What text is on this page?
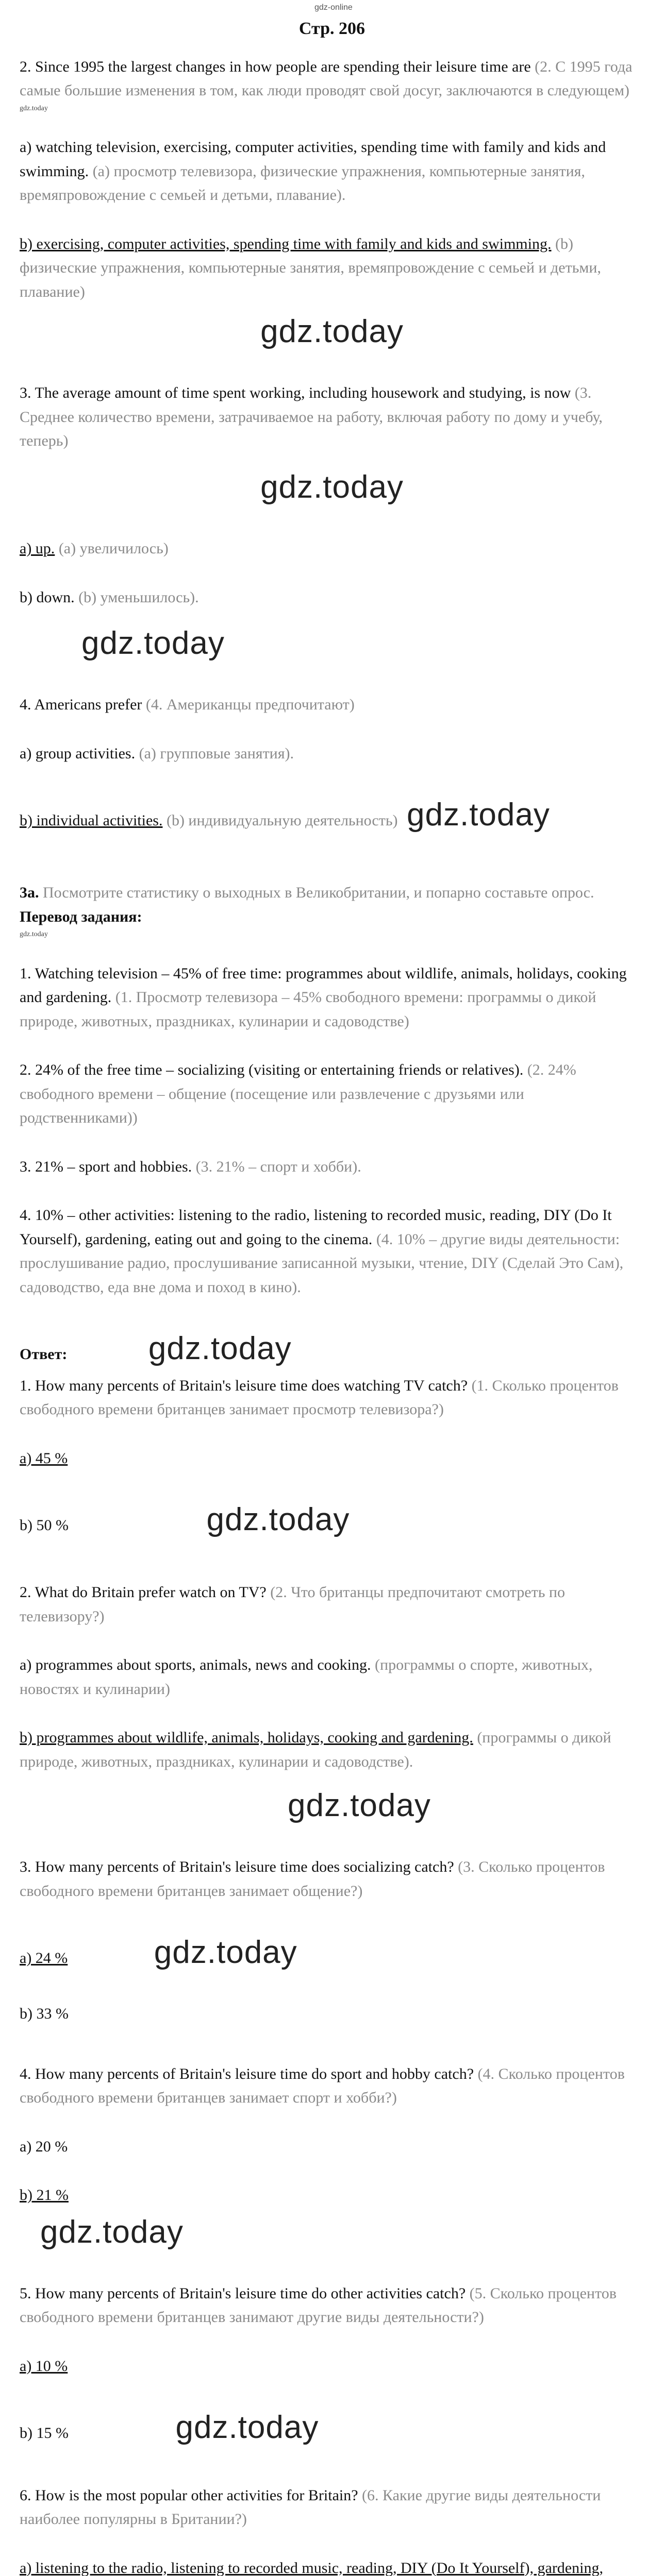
gdz-online
Стр. 206
2. Since 1995 the largest changes in how people are spending their leisure time are (2. С 1995 года самые большие изменения в том, как люди проводят свой досуг, заключаются в следующем)
gdz.today
a) watching television, exercising, computer activities, spending time with family and kids and swimming. (a) просмотр телевизора, физические упражнения, компьютерные занятия, времяпровождение с семьей и детьми, плавание).
b) exercising, computer activities, spending time with family and kids and swimming. (b) физические упражнения, компьютерные занятия, времяпровождение с семьей и детьми, плавание)
gdz.today
3. The average amount of time spent working, including housework and studying, is now (3. Среднее количество времени, затрачиваемое на работу, включая работу по дому и учебу, теперь)
gdz.today
a) up. (a) увеличилось)
b) down. (b) уменьшилось).
gdz.today
4. Americans prefer (4. Американцы предпочитают)
a) group activities. (a) групповые занятия).
b) individual activities. (b) индивидуальную деятельность) gdz.today
3a. Посмотрите статистику о выходных в Великобритании, и попарно составьте опрос.
Перевод задания:
gdz.today
1. Watching television – 45% of free time: programmes about wildlife, animals, holidays, cooking and gardening. (1. Просмотр телевизора – 45% свободного времени: программы о дикой природе, животных, праздниках, кулинарии и садоводстве)
2. 24% of the free time – socializing (visiting or entertaining friends or relatives). (2. 24% свободного времени – общение (посещение или развлечение с друзьями или родственниками))
3. 21% – sport and hobbies. (3. 21% – спорт и хобби).
4. 10% – other activities: listening to the radio, listening to recorded music, reading, DIY (Do It Yourself), gardening, eating out and going to the cinema. (4. 10% – другие виды деятельности: прослушивание радио, прослушивание записанной музыки, чтение, DIY (Сделай Это Сам), садоводство, еда вне дома и поход в кино).
Ответ:	gdz.today
1. How many percents of Britain's leisure time does watching TV catch? (1. Сколько процентов свободного времени британцев занимает просмотр телевизора?)
a) 45 %
b) 50 %	gdz.today
2. What do Britain prefer watch on TV? (2. Что британцы предпочитают смотреть по телевизору?)
a) programmes about sports, animals, news and cooking. (программы о спорте, животных, новостях и кулинарии)
b) programmes about wildlife, animals, holidays, cooking and gardening. (программы о дикой природе, животных, праздниках, кулинарии и садоводстве).
gdz.today
3. How many percents of Britain's leisure time does socializing catch? (3. Сколько процентов свободного времени британцев занимает общение?)
a) 24 %	gdz.today
b) 33 %
4. How many percents of Britain's leisure time do sport and hobby catch? (4. Сколько процентов свободного времени британцев занимает спорт и хобби?)
a) 20 %
b) 21 %
gdz.today
5. How many percents of Britain's leisure time do other activities catch? (5. Сколько процентов свободного времени британцев занимают другие виды деятельности?)
a) 10 %
b) 15 %	gdz.today
6. How is the most popular other activities for Britain? (6. Какие другие виды деятельности наиболее популярны в Британии?)
a) listening to the radio, listening to recorded music, reading, DIY (Do It Yourself), gardening,
